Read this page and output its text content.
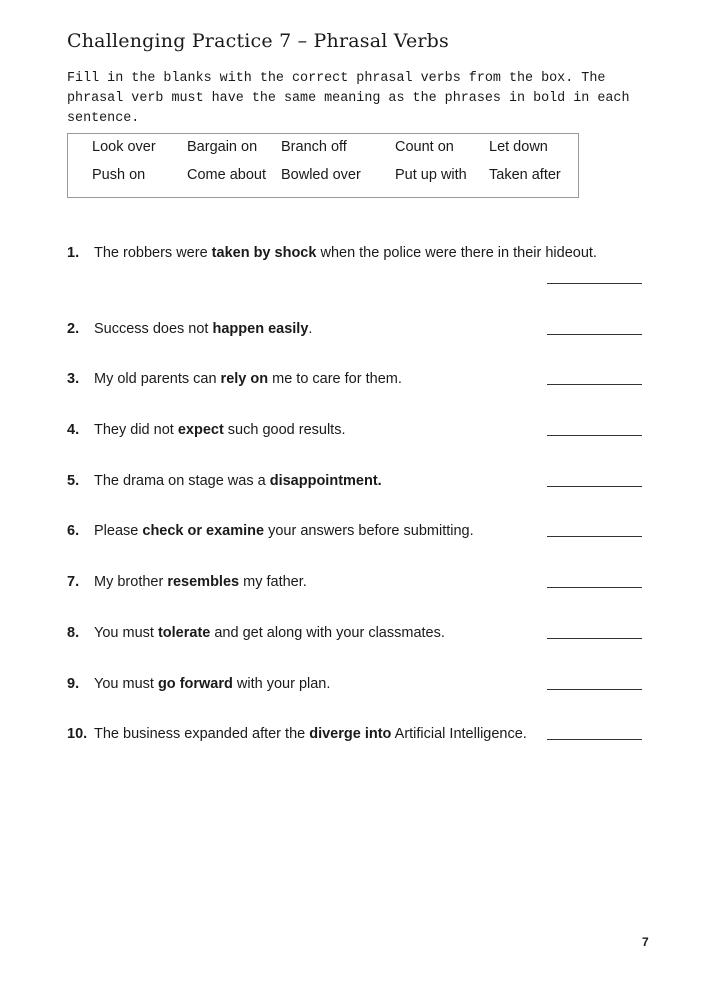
Challenging Practice 7 – Phrasal Verbs
Fill in the blanks with the correct phrasal verbs from the box. The phrasal verb must have the same meaning as the phrases in bold in each sentence.
Look over Bargain on Branch off	Count on Let down
Push on	Come about Bowled over Put up with Taken after
1. The robbers were taken by shock when the police were there in their hideout.
2. Success does not happen easily.
3. My old parents can rely on me to care for them.
4. They did not expect such good results.
5. The drama on stage was a disappointment.
6. Please check or examine your answers before submitting.
7. My brother resembles my father.
8. You must tolerate and get along with your classmates.
9. You must go forward with your plan.
10. The business expanded after the diverge into Artificial Intelligence.
7
